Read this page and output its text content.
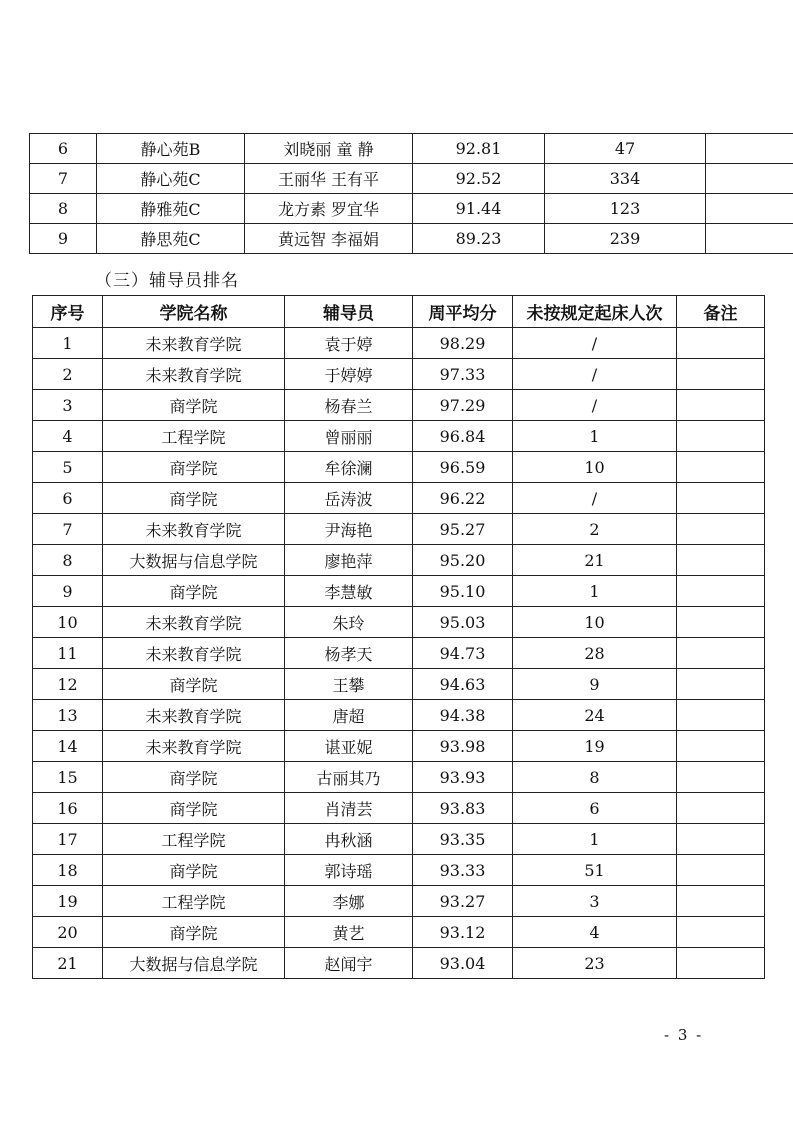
6	静心苑B	刘晓丽 童 静	92.81	47	
7	静心苑C	王丽华 王有平	92.52	334	
8	静雅苑C	龙方素 罗宜华	91.44	123	
9	静思苑C	黄远智 李福娟	89.23	239	
（三）辅导员排名
序号	学院名称	辅导员	周平均分	未按规定起床人次	备注
1	未来教育学院	袁于婷	98.29	/	
2	未来教育学院	于婷婷	97.33	/	
3	商学院	杨春兰	97.29	/	
4	工程学院	曾丽丽	96.84	1	
5	商学院	牟徐澜	96.59	10	
6	商学院	岳涛波	96.22	/	
7	未来教育学院	尹海艳	95.27	2	
8	大数据与信息学院	廖艳萍	95.20	21	
9	商学院	李慧敏	95.10	1	
10	未来教育学院	朱玲	95.03	10	
11	未来教育学院	杨孝天	94.73	28	
12	商学院	王攀	94.63	9	
13	未来教育学院	唐超	94.38	24	
14	未来教育学院	谌亚妮	93.98	19	
15	商学院	古丽其乃	93.93	8	
16	商学院	肖清芸	93.83	6	
17	工程学院	冉秋涵	93.35	1	
18	商学院	郭诗瑶	93.33	51	
19	工程学院	李娜	93.27	3	
20	商学院	黄艺	93.12	4	
21	大数据与信息学院	赵闻宇	93.04	23	
- 3 -
